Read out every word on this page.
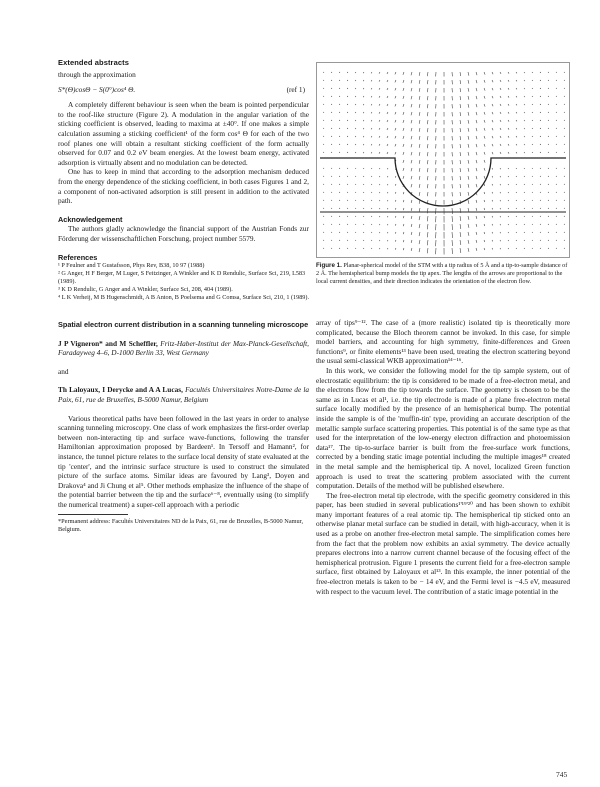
Extended abstracts

through the approximation

S*(Θ)cosΘ − S(0°)cos⁴ Θ.	(ref 1)

A completely different behaviour is seen when the beam is pointed perpendicular to the roof-like structure (Figure 2). A modulation in the angular variation of the sticking coefficient is observed, leading to maxima at ±40°. If one makes a simple calculation assuming a sticking coefficient¹ of the form cos⁴ Θ for each of the two roof planes one will obtain a resultant sticking coefficient of the form actually observed for 0.07 and 0.2 eV beam energies. At the lowest beam energy, activated adsorption is virtually absent and no modulation can be detected.

One has to keep in mind that according to the adsorption mechanism deduced from the energy dependence of the sticking coefficient, in both cases Figures 1 and 2, a component of non-activated adsorption is still present in addition to the activated path.

Acknowledgement

The authors gladly acknowledge the financial support of the Austrian Fonds zur Förderung der wissenschaftlichen Forschung, project number 5579.

References

¹ P Feulner and T Gustafsson, Phys Rev, B38, 10 97 (1988)

² G Anger, H F Berger, M Luger, S Feitzinger, A Winkler and K D Rendulic, Surface Sci, 219, L583 (1989).

³ K D Rendulic, G Anger and A Winkler, Surface Sci, 208, 404 (1989).

⁴ L K Verheij, M B Hugenschmidt, A B Anton, B Poelsema and G Comsa, Surface Sci, 210, 1 (1989).

Spatial electron current distribution in a scanning tunneling microscope

J P Vigneron* and M Scheffler, Fritz-Haber-Institut der Max-Planck-Gesellschaft, Faradayweg 4–6, D-1000 Berlin 33, West Germany

and

Th Laloyaux, I Derycke and A A Lucas, Facultés Universitaires Notre-Dame de la Paix, 61, rue de Bruxelles, B-5000 Namur, Belgium

Various theoretical paths have been followed in the last years in order to analyse scanning tunneling microscopy. One class of work emphasizes the first-order overlap between non-interacting tip and surface wave-functions, following the transfer Hamiltonian approximation proposed by Bardeen¹. In Tersoff and Hamann², for instance, the tunnel picture relates to the surface local density of state evaluated at the tip 'center', and the intrinsic surface structure is used to construct the simulated picture of the surface atoms. Similar ideas are favoured by Lang³, Doyen and Drakova⁴ and Ji Chung et al⁵. Other methods emphasize the influence of the shape of the potential barrier between the tip and the surface⁶⁻⁸, eventually using (to simplify the numerical treatment) a super-cell approach with a periodic

*Permanent address: Facultés Universitaires ND de la Paix, 61, rue de Bruxelles, B-5000 Namur, Belgium.

Figure 1. Planar-spherical model of the STM with a tip radius of 5 Å and a tip-to-sample distance of 2 Å. The hemispherical bump models the tip apex. The lengths of the arrows are proportional to the local current densities, and their direction indicates the orientation of the electron flow.

array of tips⁹⁻¹². The case of a (more realistic) isolated tip is theoretically more complicated, because the Bloch theorem cannot be invoked. In this case, for simple model barriers, and accounting for high symmetry, finite-differences and Green functions⁹, or finite elements¹³ have been used, treating the electron scattering beyond the usual semi-classical WKB approximation¹⁴⁻¹⁶.

In this work, we consider the following model for the tip sample system, out of electrostatic equilibrium: the tip is considered to be made of a free-electron metal, and the electrons flow from the tip towards the surface. The geometry is chosen to be the same as in Lucas et al¹, i.e. the tip electrode is made of a plane free-electron metal surface locally modified by the presence of an hemispherical bump. The potential inside the sample is of the 'muffin-tin' type, providing an accurate description of the metallic sample surface scattering properties. This potential is of the same type as that used for the interpretation of the low-energy electron diffraction and photoemission data¹⁷. The tip-to-surface barrier is built from the free-surface work functions, corrected by a bending static image potential including the multiple images¹⁸ created in the metal sample and the hemispherical tip. A novel, localized Green function approach is used to treat the scattering problem associated with the current computation. Details of the method will be published elsewhere.

The free-electron metal tip electrode, with the specific geometry considered in this paper, has been studied in several publications¹'¹⁹'²⁰ and has been shown to exhibit many important features of a real atomic tip. The hemispherical tip sticked onto an otherwise planar metal surface can be studied in detail, with high-accuracy, when it is used as a probe on another free-electron metal sample. The simplification comes here from the fact that the problem now exhibits an axial symmetry. The device actually prepares electrons into a narrow current channel because of the focusing effect of the hemispherical protrusion. Figure 1 presents the current field for a free-electron sample surface, first obtained by Laloyaux et al¹³. In this example, the inner potential of the free-electron metals is taken to be − 14 eV, and the Fermi level is −4.5 eV, measured with respect to the vacuum level. The contribution of a static image potential in the

745
